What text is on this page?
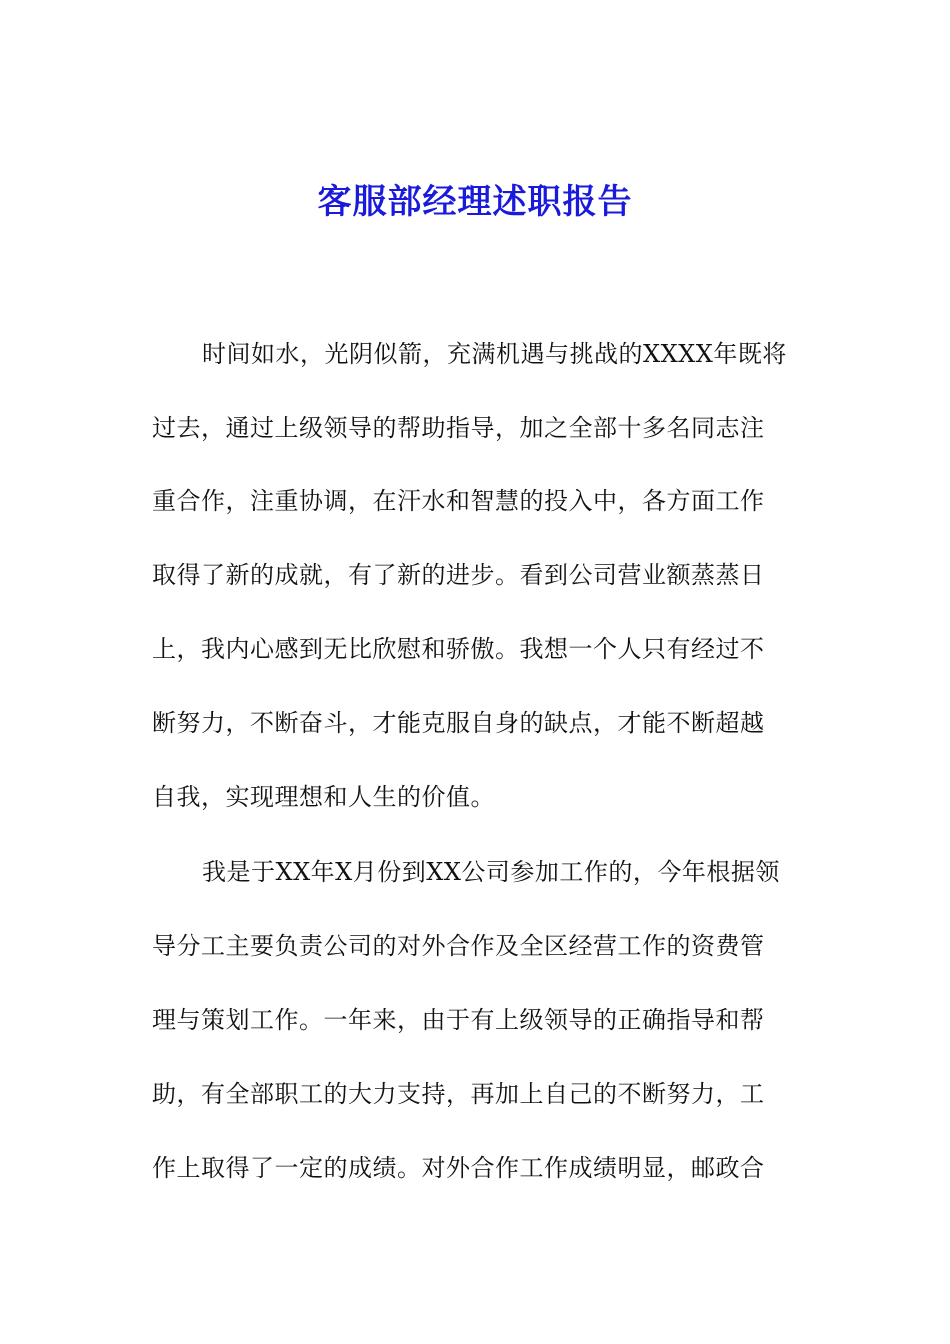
客服部经理述职报告

时间如水，光阴似箭，充满机遇与挑战的XXXX年既将

过去，通过上级领导的帮助指导，加之全部十多名同志注

重合作，注重协调，在汗水和智慧的投入中，各方面工作

取得了新的成就，有了新的进步。看到公司营业额蒸蒸日

上，我内心感到无比欣慰和骄傲。我想一个人只有经过不

断努力，不断奋斗，才能克服自身的缺点，才能不断超越

自我，实现理想和人生的价值。

我是于XX年X月份到XX公司参加工作的，今年根据领

导分工主要负责公司的对外合作及全区经营工作的资费管

理与策划工作。一年来，由于有上级领导的正确指导和帮

助，有全部职工的大力支持，再加上自己的不断努力，工

作上取得了一定的成绩。对外合作工作成绩明显，邮政合
